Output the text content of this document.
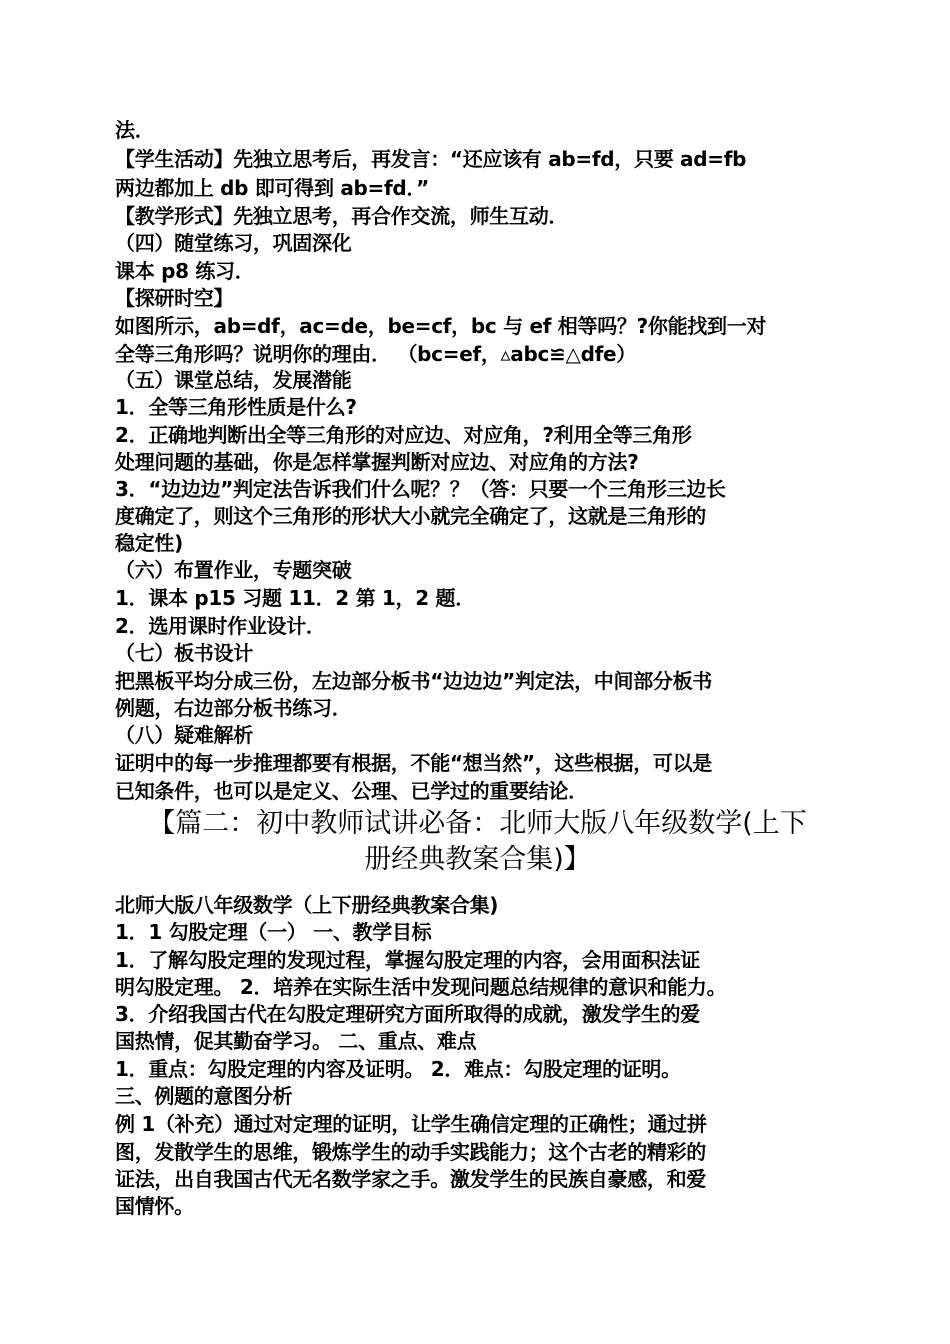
法．
【学生活动】先独立思考后，再发言：“还应该有 ab=fd，只要 ad=fb
两边都加上 db 即可得到 ab=fd．”
【教学形式】先独立思考，再合作交流，师生互动．
（四）随堂练习，巩固深化
课本 p8 练习．
【探研时空】
如图所示，ab=df，ac=de，be=cf，bc 与 ef 相等吗？?你能找到一对
全等三角形吗？说明你的理由． （bc=ef，▵abc≌△dfe）
（五）课堂总结，发展潜能
1．全等三角形性质是什么?
2．正确地判断出全等三角形的对应边、对应角，?利用全等三角形
处理问题的基础，你是怎样掌握判断对应边、对应角的方法?
3．“边边边”判定法告诉我们什么呢？？（答：只要一个三角形三边长
度确定了，则这个三角形的形状大小就完全确定了，这就是三角形的
稳定性)
（六）布置作业，专题突破
1．课本 p15 习题 11．2 第 1，2 题．
2．选用课时作业设计．
（七）板书设计
把黑板平均分成三份，左边部分板书“边边边”判定法，中间部分板书
例题，右边部分板书练习．
（八）疑难解析
证明中的每一步推理都要有根据，不能“想当然”，这些根据，可以是
已知条件，也可以是定义、公理、已学过的重要结论．
【篇二：初中教师试讲必备：北师大版八年级数学(上下
册经典教案合集)】
北师大版八年级数学（上下册经典教案合集)
1．1 勾股定理（一） 一、教学目标
1．了解勾股定理的发现过程，掌握勾股定理的内容，会用面积法证
明勾股定理。 2．培养在实际生活中发现问题总结规律的意识和能力。
3．介绍我国古代在勾股定理研究方面所取得的成就，激发学生的爱
国热情，促其勤奋学习。 二、重点、难点
1．重点：勾股定理的内容及证明。 2．难点：勾股定理的证明。
三、例题的意图分析
例 1（补充）通过对定理的证明，让学生确信定理的正确性；通过拼
图，发散学生的思维，锻炼学生的动手实践能力；这个古老的精彩的
证法，出自我国古代无名数学家之手。激发学生的民族自豪感，和爱
国情怀。
